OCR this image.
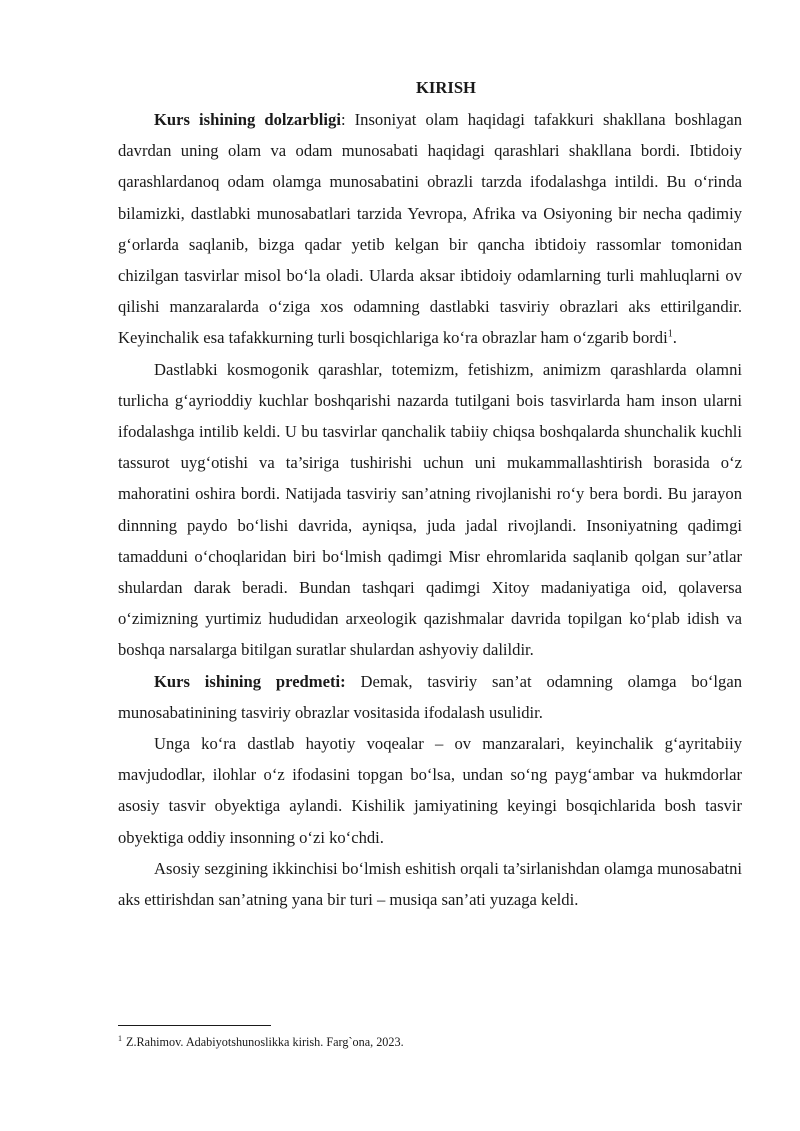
KIRISH

Kurs ishining dolzarbligi: Insoniyat olam haqidagi tafakkuri shakllana boshlagan davrdan uning olam va odam munosabati haqidagi qarashlari shakllana bordi. Ibtidoiy qarashlardanoq odam olamga munosabatini obrazli tarzda ifodalashga intildi. Bu o‘rinda bilamizki, dastlabki munosabatlari tarzida Yevropa, Afrika va Osiyoning bir necha qadimiy g‘orlarda saqlanib, bizga qadar yetib kelgan bir qancha ibtidoiy rassomlar tomonidan chizilgan tasvirlar misol bo‘la oladi. Ularda aksar ibtidoiy odamlarning turli mahluqlarni ov qilishi manzaralarda o‘ziga xos odamning dastlabki tasviriy obrazlari aks ettirilgandir. Keyinchalik esa tafakkurning turli bosqichlariga ko‘ra obrazlar ham o‘zgarib bordi$^1$.

Dastlabki kosmogonik qarashlar, totemizm, fetishizm, animizm qarashlarda olamni turlicha g‘ayrioddiy kuchlar boshqarishi nazarda tutilgani bois tasvirlarda ham inson ularni ifodalashga intilib keldi. U bu tasvirlar qanchalik tabiiy chiqsa boshqalarda shunchalik kuchli tassurot uyg‘otishi va ta’siriga tushirishi uchun uni mukammallashtirish borasida o‘z mahoratini oshira bordi. Natijada tasviriy san’atning rivojlanishi ro‘y bera bordi. Bu jarayon dinnning paydo bo‘lishi davrida, ayniqsa, juda jadal rivojlandi. Insoniyatning qadimgi tamadduni o‘choqlaridan biri bo‘lmish qadimgi Misr ehromlarida saqlanib qolgan sur’atlar shulardan darak beradi. Bundan tashqari qadimgi Xitoy madaniyatiga oid, qolaversa o‘zimizning yurtimiz hududidan arxeologik qazishmalar davrida topilgan ko‘plab idish va boshqa narsalarga bitilgan suratlar shulardan ashyoviy dalildir.

Kurs ishining predmeti: Demak, tasviriy san’at odamning olamga bo‘lgan munosabatinining tasviriy obrazlar vositasida ifodalash usulidir.

Unga ko‘ra dastlab hayotiy voqealar – ov manzaralari, keyinchalik g‘ayritabiiy mavjudodlar, ilohlar o‘z ifodasini topgan bo‘lsa, undan so‘ng payg‘ambar va hukmdorlar asosiy tasvir obyektiga aylandi. Kishilik jamiyatining keyingi bosqichlarida bosh tasvir obyektiga oddiy insonning o‘zi ko‘chdi.

Asosiy sezgining ikkinchisi bo‘lmish eshitish orqali ta’sirlanishdan olamga munosabatni aks ettirishdan san’atning yana bir turi – musiqa san’ati yuzaga keldi.

$^1$ Z.Rahimov. Adabiyotshunoslikka kirish. Farg`ona, 2023.
